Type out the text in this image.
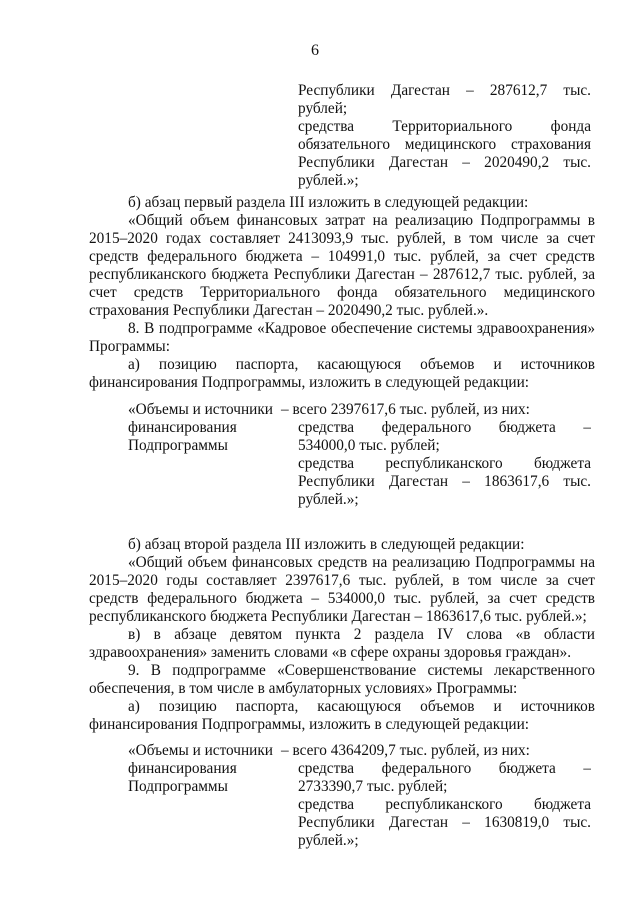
6
Республики Дагестан – 287612,7 тыс.
рублей;
средства Территориального фонда
обязательного медицинского страхования
Республики Дагестан – 2020490,2 тыс.
рублей.»;
б) абзац первый раздела III изложить в следующей редакции:
«Общий объем финансовых затрат на реализацию Подпрограммы в
2015–2020 годах составляет 2413093,9 тыс. рублей, в том числе за счет
средств федерального бюджета – 104991,0 тыс. рублей, за счет средств
республиканского бюджета Республики Дагестан – 287612,7 тыс. рублей, за
счет средств Территориального фонда обязательного медицинского
страхования Республики Дагестан – 2020490,2 тыс. рублей.».
8. В подпрограмме «Кадровое обеспечение системы здравоохранения»
Программы:
а) позицию паспорта, касающуюся объемов и источников
финансирования Подпрограммы, изложить в следующей редакции:
«Объемы и источники
финансирования
Подпрограммы
– всего 2397617,6 тыс. рублей, из них:
средства федерального бюджета –
534000,0 тыс. рублей;
средства республиканского бюджета
Республики Дагестан – 1863617,6 тыс.
рублей.»;
б) абзац второй раздела III изложить в следующей редакции:
«Общий объем финансовых средств на реализацию Подпрограммы на
2015–2020 годы составляет 2397617,6 тыс. рублей, в том числе за счет
средств федерального бюджета – 534000,0 тыс. рублей, за счет средств
республиканского бюджета Республики Дагестан – 1863617,6 тыс. рублей.»;
в) в абзаце девятом пункта 2 раздела IV слова «в области
здравоохранения» заменить словами «в сфере охраны здоровья граждан».
9. В подпрограмме «Совершенствование системы лекарственного
обеспечения, в том числе в амбулаторных условиях» Программы:
а) позицию паспорта, касающуюся объемов и источников
финансирования Подпрограммы, изложить в следующей редакции:
«Объемы и источники
финансирования
Подпрограммы
– всего 4364209,7 тыс. рублей, из них:
средства федерального бюджета –
2733390,7 тыс. рублей;
средства республиканского бюджета
Республики Дагестан – 1630819,0 тыс.
рублей.»;
